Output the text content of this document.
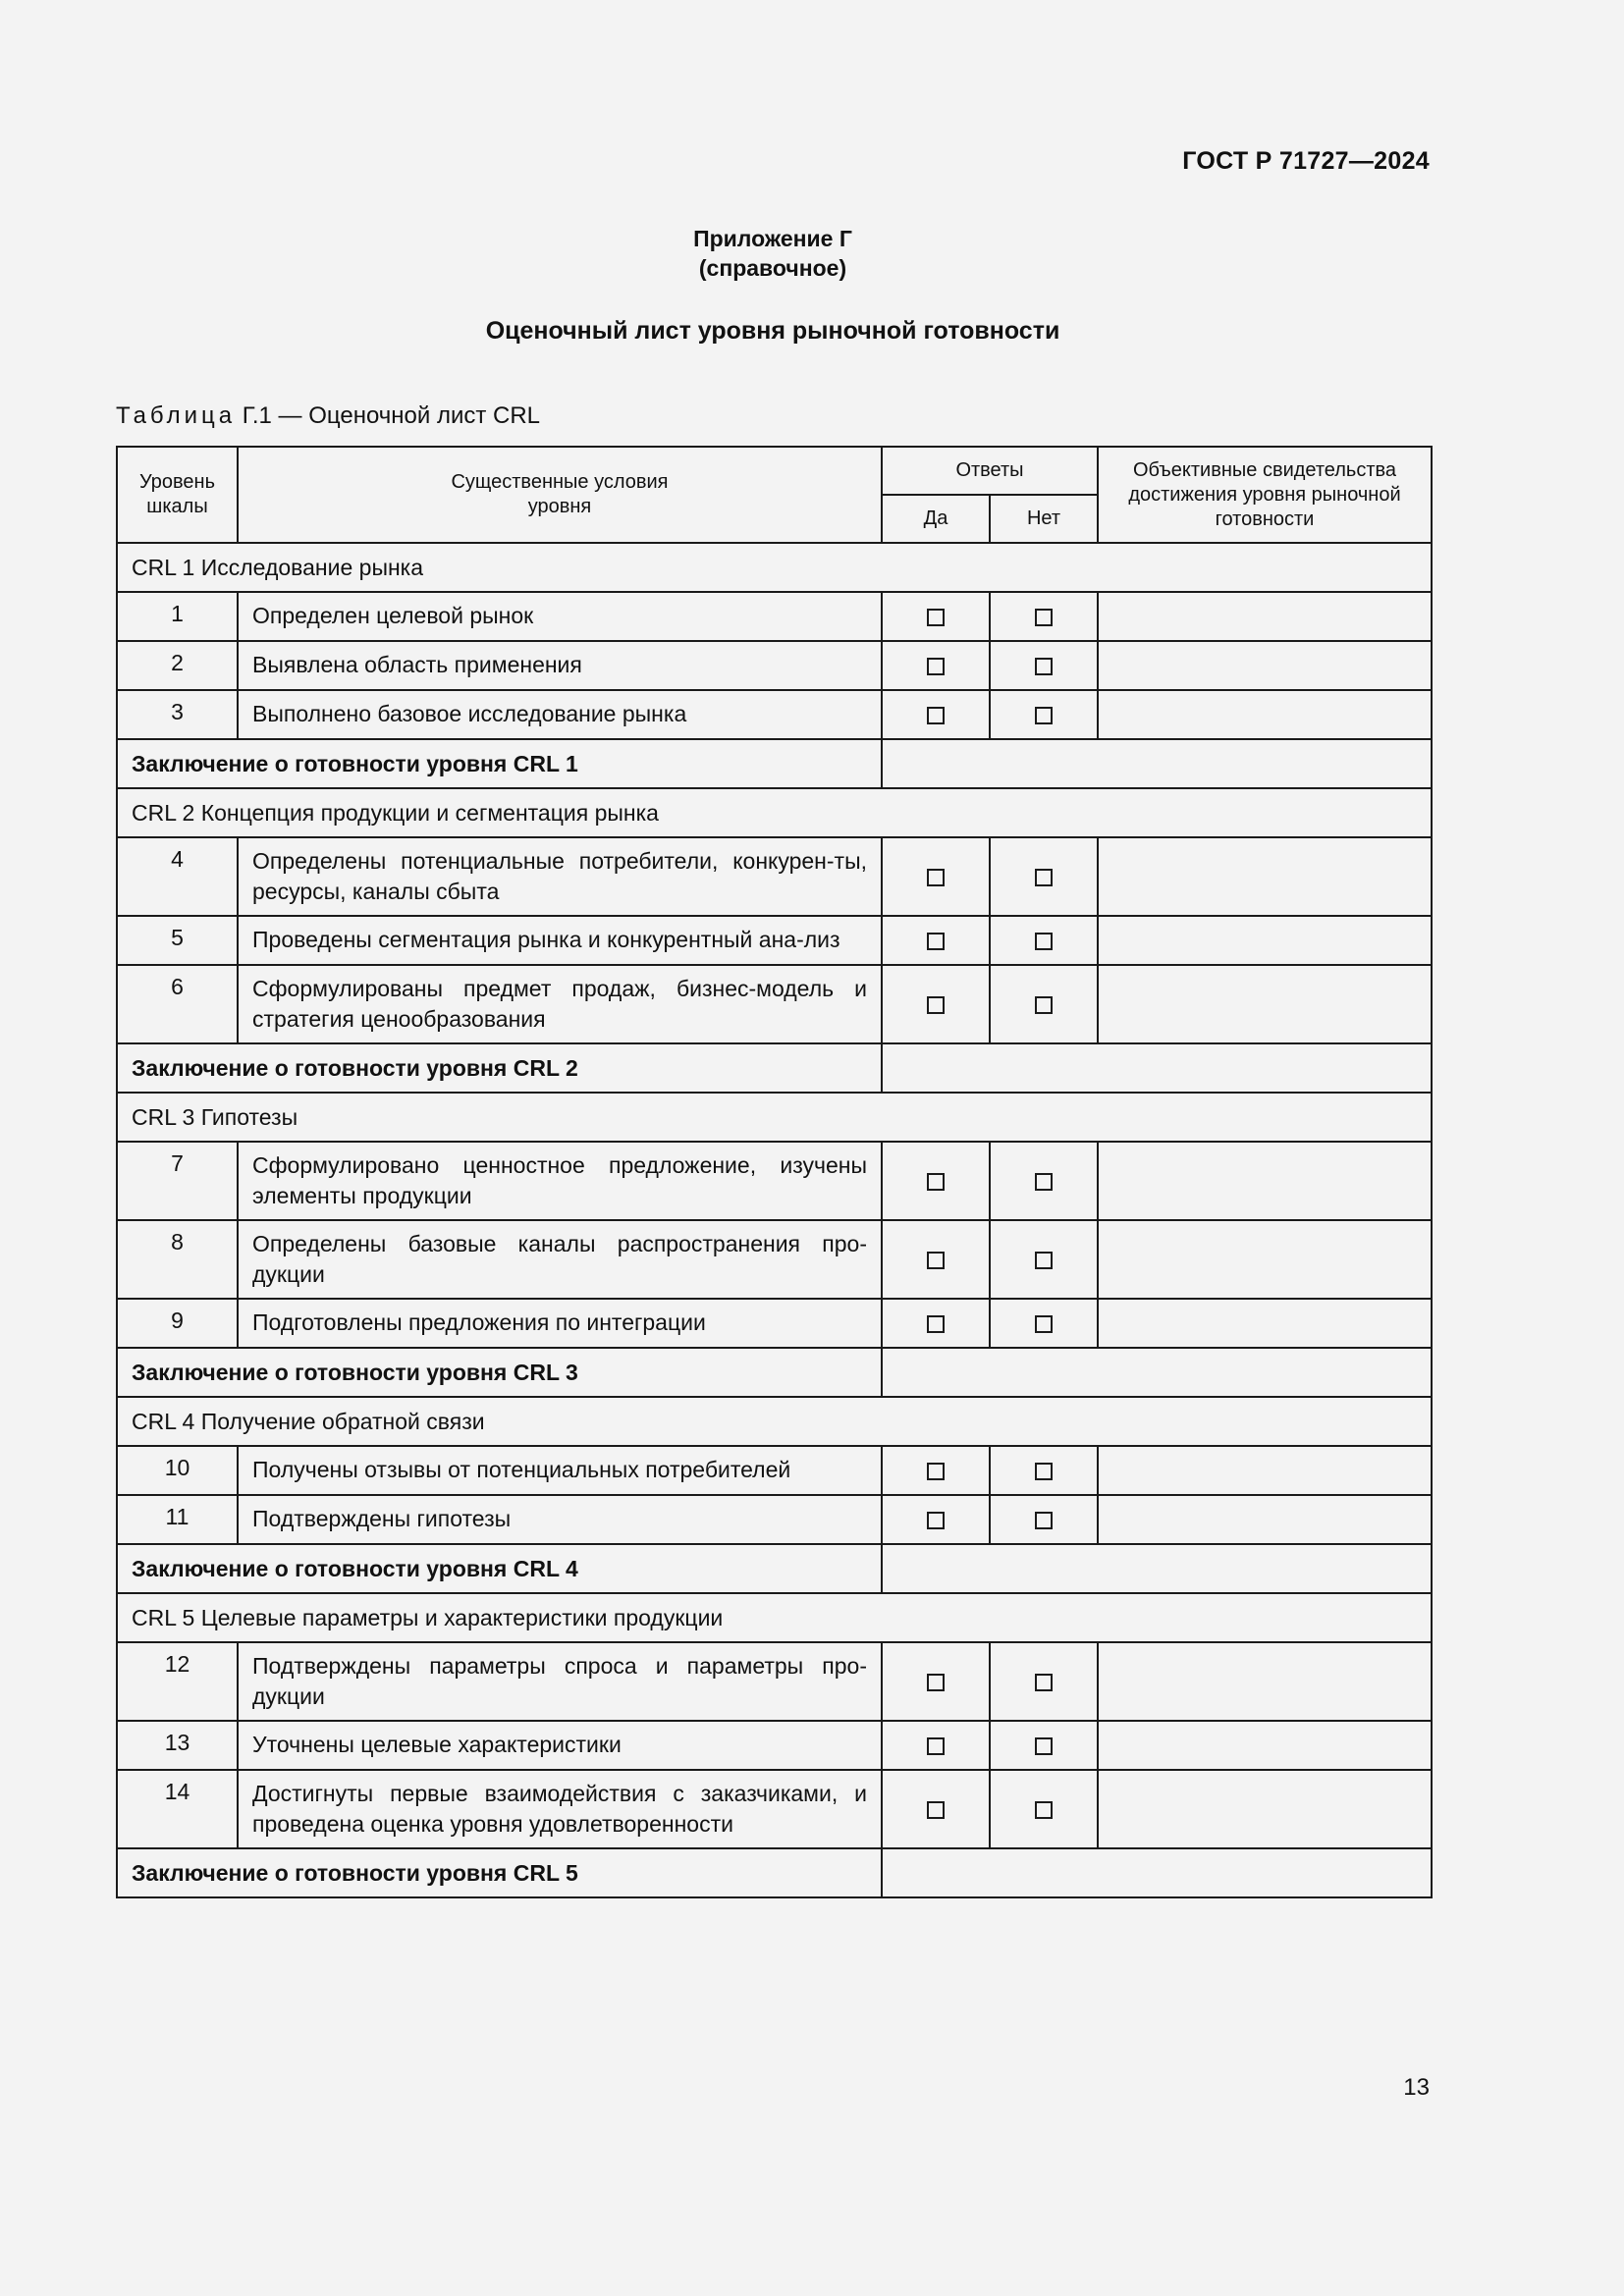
ГОСТ Р 71727—2024
Приложение Г
(справочное)
Оценочный лист уровня рыночной готовности
Таблица Г.1 — Оценочной лист CRL
Уровень шкалы	Существенные условия уровня	Ответы		Объективные свидетельства достижения уровня рыночной готовности
		Да	Нет	
CRL 1 Исследование рынка				
1	Определен целевой рынок			
2	Выявлена область применения			
3	Выполнено базовое исследование рынка			
Заключение о готовности уровня CRL 1				
CRL 2 Концепция продукции и сегментация рынка				
4	Определены потенциальные потребители, конкурен-ты, ресурсы, каналы сбыта			
5	Проведены сегментация рынка и конкурентный ана-лиз			
6	Сформулированы предмет продаж, бизнес-модель и стратегия ценообразования			
Заключение о готовности уровня CRL 2				
CRL 3 Гипотезы				
7	Сформулировано ценностное предложение, изучены элементы продукции			
8	Определены базовые каналы распространения про-дукции			
9	Подготовлены предложения по интеграции			
Заключение о готовности уровня CRL 3				
CRL 4 Получение обратной связи				
10	Получены отзывы от потенциальных потребителей			
11	Подтверждены гипотезы			
Заключение о готовности уровня CRL 4				
CRL 5 Целевые параметры и характеристики продукции				
12	Подтверждены параметры спроса и параметры про-дукции			
13	Уточнены целевые характеристики			
14	Достигнуты первые взаимодействия с заказчиками, и проведена оценка уровня удовлетворенности			
Заключение о готовности уровня CRL 5				
13
